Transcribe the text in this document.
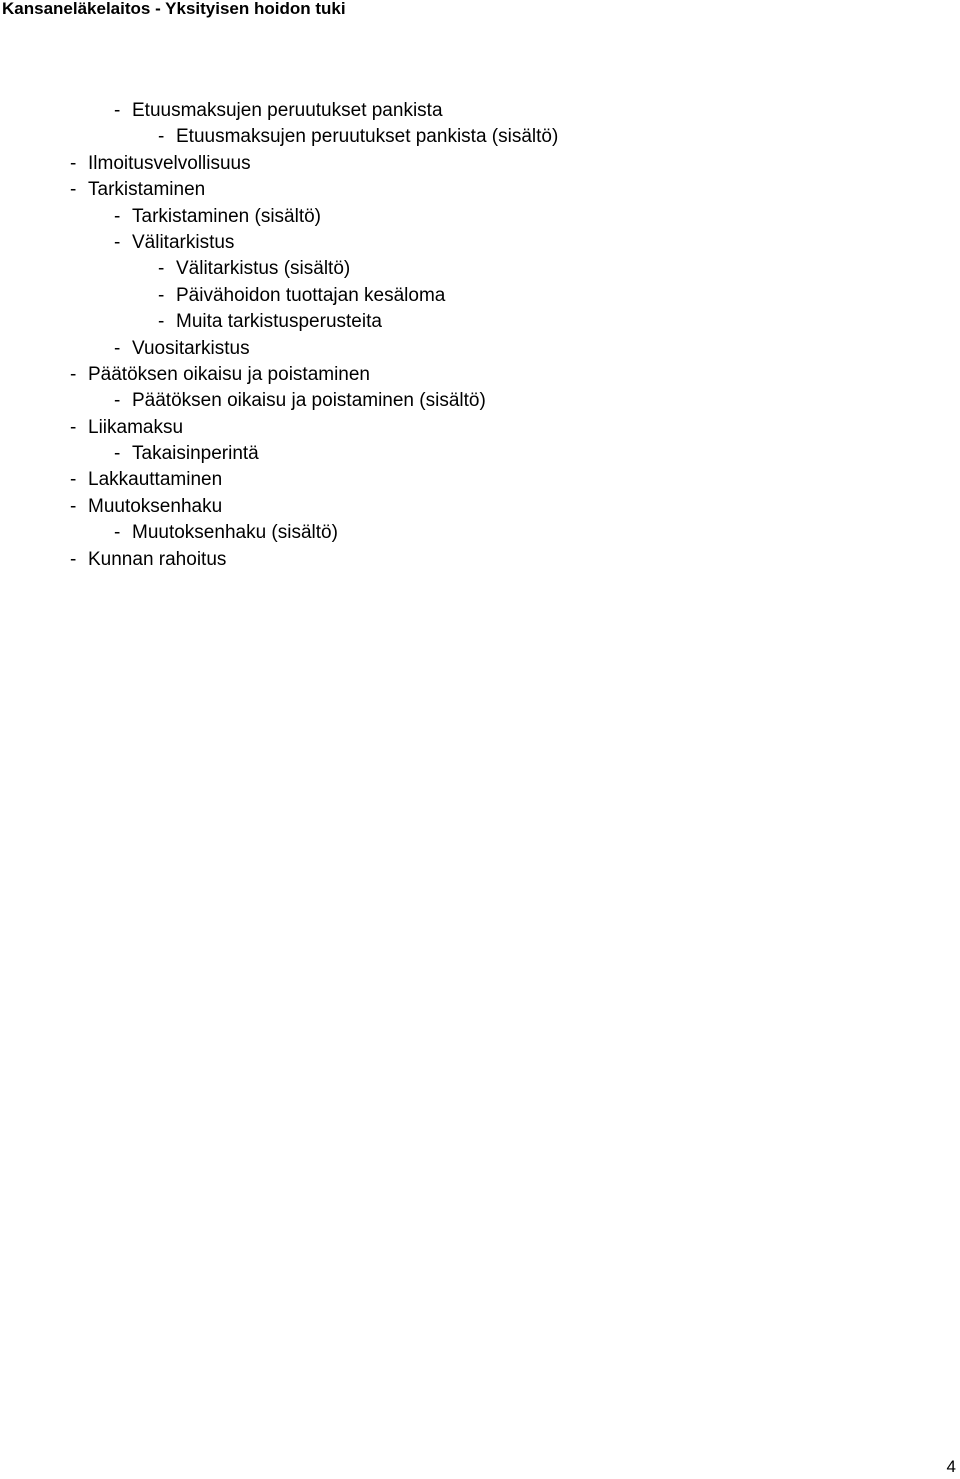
Kansaneläkelaitos - Yksityisen hoidon tuki
- Etuusmaksujen peruutukset pankista
- Etuusmaksujen peruutukset pankista (sisältö)
- Ilmoitusvelvollisuus
- Tarkistaminen
- Tarkistaminen (sisältö)
- Välitarkistus
- Välitarkistus (sisältö)
- Päivähoidon tuottajan kesäloma
- Muita tarkistusperusteita
- Vuositarkistus
- Päätöksen oikaisu ja poistaminen
- Päätöksen oikaisu ja poistaminen (sisältö)
- Liikamaksu
- Takaisinperintä
- Lakkauttaminen
- Muutoksenhaku
- Muutoksenhaku (sisältö)
- Kunnan rahoitus
4
